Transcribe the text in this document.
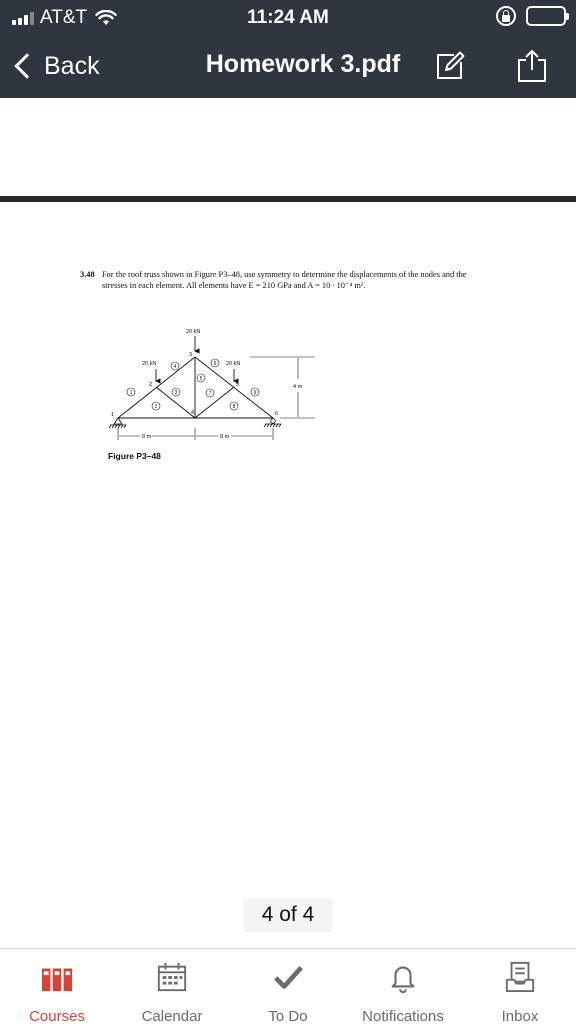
AT&T	11:24 AM
Back	Homework 3.pdf
3.48 For the roof truss shown in Figure P3–48, use symmetry to determine the displacements of the nodes and the stresses in each element. All elements have E = 210 GPa and A = 10 ∙ 10⁻⁴ m².
20 kN
20 kN	20 kN
1
2
3
4
5
6
1
2
3
4
5
6
7
8
9
8 m	8 m
4 m
Figure P3–48
4 of 4
Courses	Calendar	To Do	Notifications	Inbox
